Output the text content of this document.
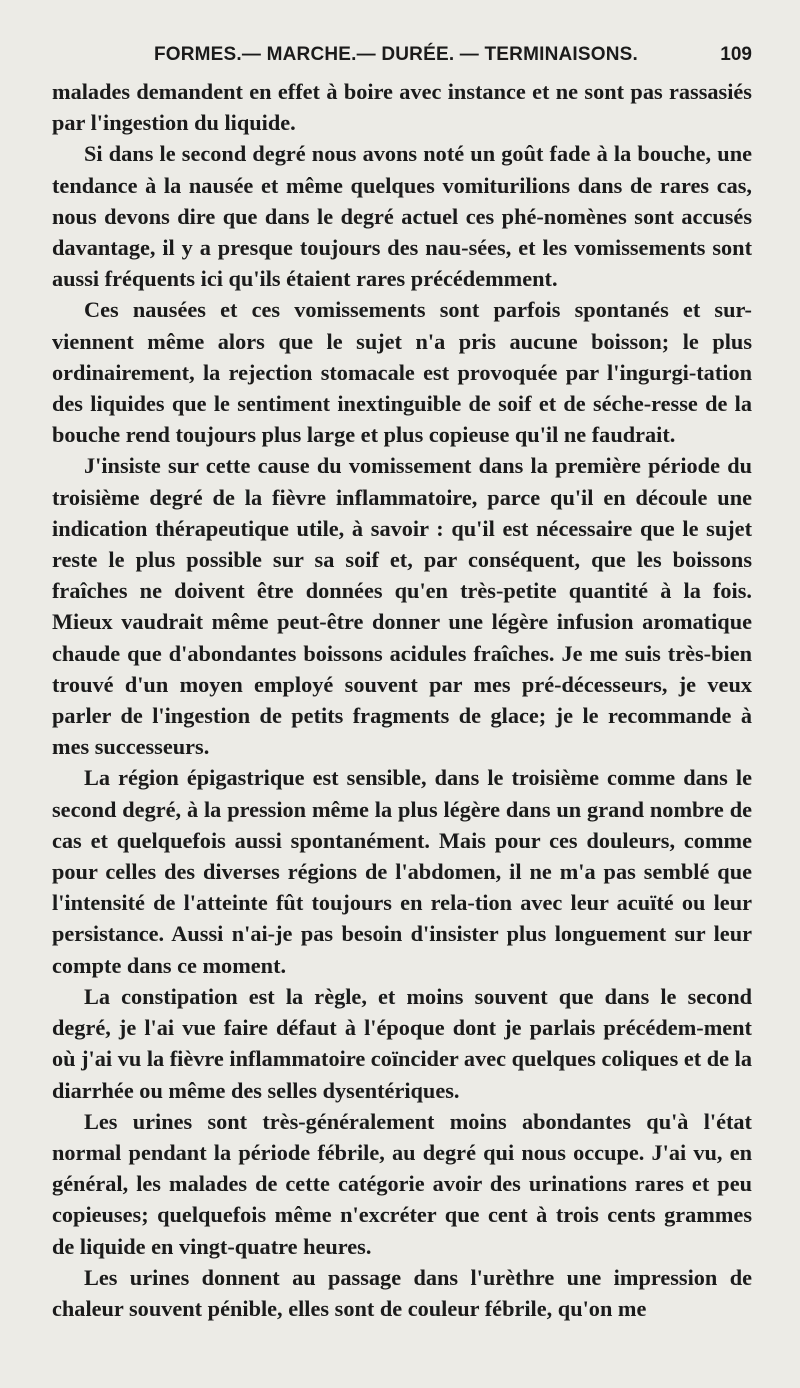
FORMES.— MARCHE.— DURÉE. — TERMINAISONS.	109

malades demandent en effet à boire avec instance et ne sont pas rassasiés par l'ingestion du liquide.

Si dans le second degré nous avons noté un goût fade à la bouche, une tendance à la nausée et même quelques vomiturilions dans de rares cas, nous devons dire que dans le degré actuel ces phé-nomènes sont accusés davantage, il y a presque toujours des nau-sées, et les vomissements sont aussi fréquents ici qu'ils étaient rares précédemment.

Ces nausées et ces vomissements sont parfois spontanés et sur-viennent même alors que le sujet n'a pris aucune boisson; le plus ordinairement, la rejection stomacale est provoquée par l'ingurgi-tation des liquides que le sentiment inextinguible de soif et de séche-resse de la bouche rend toujours plus large et plus copieuse qu'il ne faudrait.

J'insiste sur cette cause du vomissement dans la première période du troisième degré de la fièvre inflammatoire, parce qu'il en découle une indication thérapeutique utile, à savoir : qu'il est nécessaire que le sujet reste le plus possible sur sa soif et, par conséquent, que les boissons fraîches ne doivent être données qu'en très-petite quantité à la fois. Mieux vaudrait même peut-être donner une légère infusion aromatique chaude que d'abondantes boissons acidules fraîches. Je me suis très-bien trouvé d'un moyen employé souvent par mes pré-décesseurs, je veux parler de l'ingestion de petits fragments de glace; je le recommande à mes successeurs.

La région épigastrique est sensible, dans le troisième comme dans le second degré, à la pression même la plus légère dans un grand nombre de cas et quelquefois aussi spontanément. Mais pour ces douleurs, comme pour celles des diverses régions de l'abdomen, il ne m'a pas semblé que l'intensité de l'atteinte fût toujours en rela-tion avec leur acuïté ou leur persistance. Aussi n'ai-je pas besoin d'insister plus longuement sur leur compte dans ce moment.

La constipation est la règle, et moins souvent que dans le second degré, je l'ai vue faire défaut à l'époque dont je parlais précédem-ment où j'ai vu la fièvre inflammatoire coïncider avec quelques coliques et de la diarrhée ou même des selles dysentériques.

Les urines sont très-généralement moins abondantes qu'à l'état normal pendant la période fébrile, au degré qui nous occupe. J'ai vu, en général, les malades de cette catégorie avoir des urinations rares et peu copieuses; quelquefois même n'excréter que cent à trois cents grammes de liquide en vingt-quatre heures.

Les urines donnent au passage dans l'urèthre une impression de chaleur souvent pénible, elles sont de couleur fébrile, qu'on me
